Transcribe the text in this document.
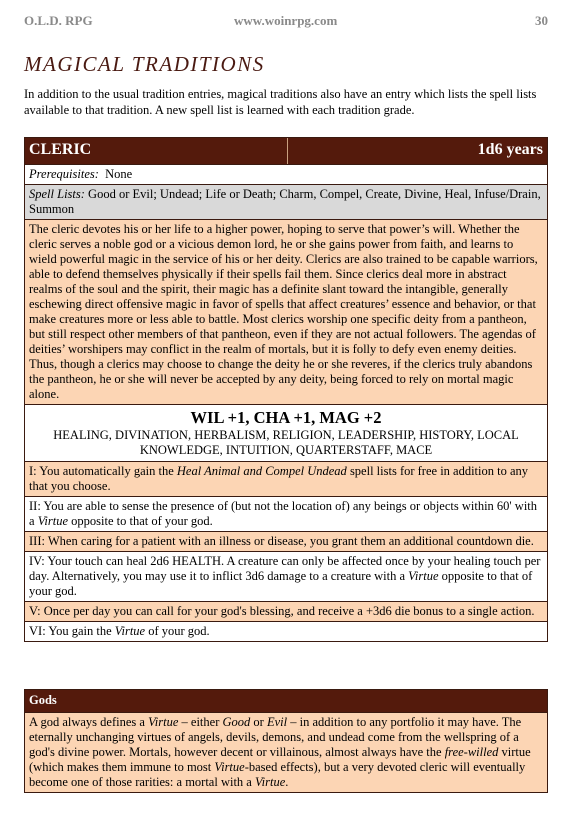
O.L.D. RPG	www.woinrpg.com	30
MAGICAL TRADITIONS

In addition to the usual tradition entries, magical traditions also have an entry which lists the spell lists available to that tradition. A new spell list is learned with each tradition grade.

CLERIC	1d6 years
Prerequisites: None
Spell Lists: Good or Evil; Undead; Life or Death; Charm, Compel, Create, Divine, Heal, Infuse/Drain, Summon
The cleric devotes his or her life to a higher power, hoping to serve that power’s will. Whether the cleric serves a noble god or a vicious demon lord, he or she gains power from faith, and learns to wield powerful magic in the service of his or her deity. Clerics are also trained to be capable warriors, able to defend themselves physically if their spells fail them. Since clerics deal more in abstract realms of the soul and the spirit, their magic has a definite slant toward the intangible, generally eschewing direct offensive magic in favor of spells that affect creatures’ essence and behavior, or that make creatures more or less able to battle. Most clerics worship one specific deity from a pantheon, but still respect other members of that pantheon, even if they are not actual followers. The agendas of deities’ worshipers may conflict in the realm of mortals, but it is folly to defy even enemy deities. Thus, though a clerics may choose to change the deity he or she reveres, if the clerics truly abandons the pantheon, he or she will never be accepted by any deity, being forced to rely on mortal magic alone.
WIL +1, CHA +1, MAG +2
HEALING, DIVINATION, HERBALISM, RELIGION, LEADERSHIP, HISTORY, LOCAL KNOWLEDGE, INTUITION, QUARTERSTAFF, MACE
I: You automatically gain the Heal Animal and Compel Undead spell lists for free in addition to any that you choose.
II: You are able to sense the presence of (but not the location of) any beings or objects within 60' with a Virtue opposite to that of your god.
III: When caring for a patient with an illness or disease, you grant them an additional countdown die.
IV: Your touch can heal 2d6 HEALTH. A creature can only be affected once by your healing touch per day. Alternatively, you may use it to inflict 3d6 damage to a creature with a Virtue opposite to that of your god.
V: Once per day you can call for your god's blessing, and receive a +3d6 die bonus to a single action.
VI: You gain the Virtue of your god.
Gods
A god always defines a Virtue – either Good or Evil – in addition to any portfolio it may have. The eternally unchanging virtues of angels, devils, demons, and undead come from the wellspring of a god's divine power. Mortals, however decent or villainous, almost always have the free-willed virtue (which makes them immune to most Virtue-based effects), but a very devoted cleric will eventually become one of those rarities: a mortal with a Virtue.
